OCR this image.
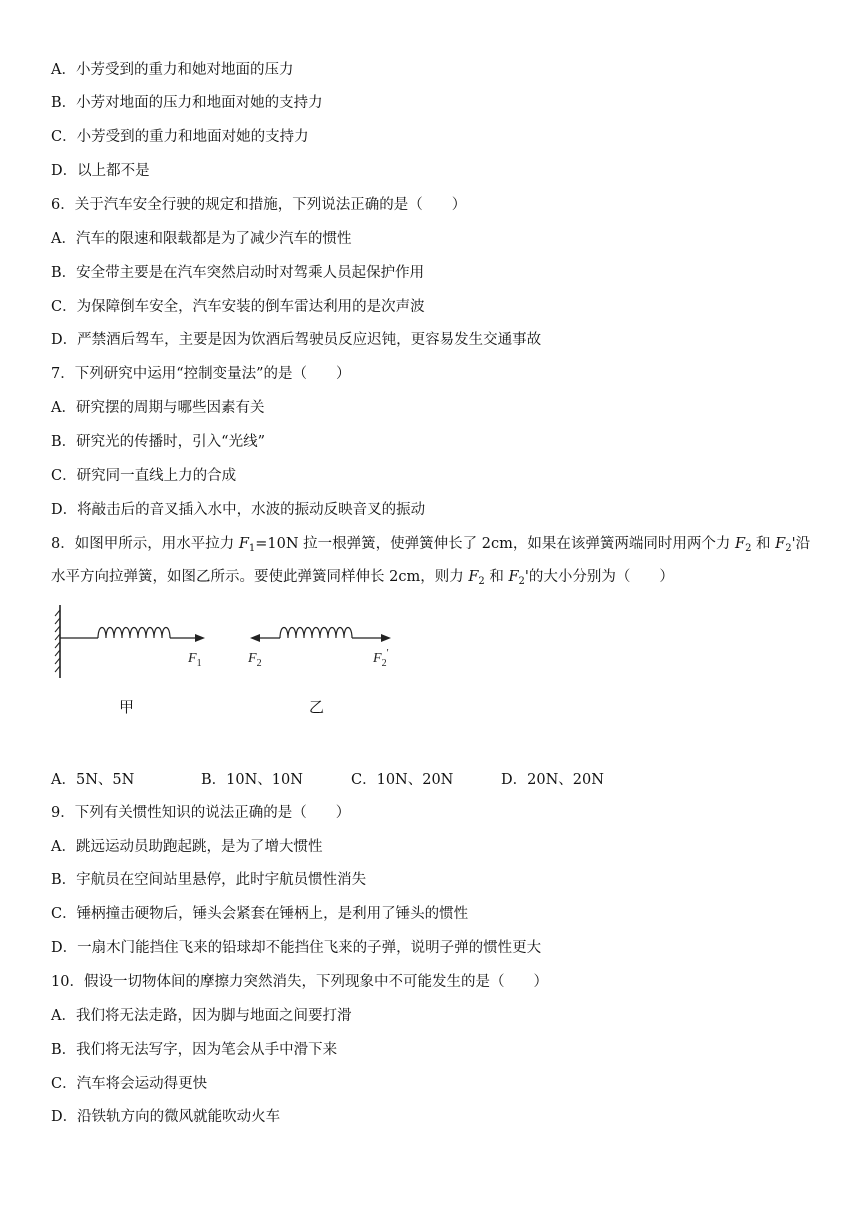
A．小芳受到的重力和她对地面的压力
B．小芳对地面的压力和地面对她的支持力
C．小芳受到的重力和地面对她的支持力
D．以上都不是
6．关于汽车安全行驶的规定和措施，下列说法正确的是（　　）
A．汽车的限速和限载都是为了减少汽车的惯性
B．安全带主要是在汽车突然启动时对驾乘人员起保护作用
C．为保障倒车安全，汽车安装的倒车雷达利用的是次声波
D．严禁酒后驾车，主要是因为饮酒后驾驶员反应迟钝，更容易发生交通事故
7．下列研究中运用“控制变量法”的是（　　）
A．研究摆的周期与哪些因素有关
B．研究光的传播时，引入“光线”
C．研究同一直线上力的合成
D．将敲击后的音叉插入水中，水波的振动反映音叉的振动
8．如图甲所示，用水平拉力 $F_1=10N$ 拉一根弹簧，使弹簧伸长了 2cm，如果在该弹簧两端同时用两个力 $F_2$ 和 $F_2'$沿
水平方向拉弹簧，如图乙所示。要使此弹簧同样伸长 2cm，则力 $F_2$ 和 $F_2'$的大小分别为（　　）
$F_1$	$F_2$	$F_2'$
甲	乙
A．5N、5N	B．10N、10N	C．10N、20N	D．20N、20N
9．下列有关惯性知识的说法正确的是（　　）
A．跳远运动员助跑起跳，是为了增大惯性
B．宇航员在空间站里悬停，此时宇航员惯性消失
C．锤柄撞击硬物后，锤头会紧套在锤柄上，是利用了锤头的惯性
D．一扇木门能挡住飞来的铅球却不能挡住飞来的子弹，说明子弹的惯性更大
10．假设一切物体间的摩擦力突然消失，下列现象中不可能发生的是（　　）
A．我们将无法走路，因为脚与地面之间要打滑
B．我们将无法写字，因为笔会从手中滑下来
C．汽车将会运动得更快
D．沿铁轨方向的微风就能吹动火车
